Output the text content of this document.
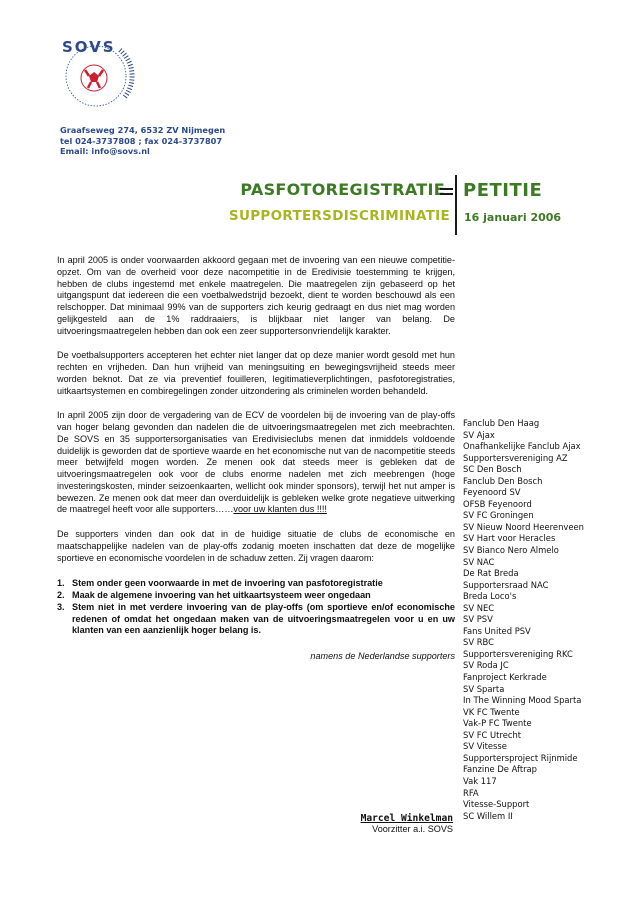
SOVS
Graafseweg 274, 6532 ZV Nijmegen
tel 024-3737808 ; fax 024-3737807
Email: info@sovs.nl
PASFOTOREGISTRATIE
SUPPORTERSDISCRIMINATIE
PETITIE
16 januari 2006

In april 2005 is onder voorwaarden akkoord gegaan met de invoering van een nieuwe competitie-opzet. Om van de overheid voor deze nacompetitie in de Eredivisie toestemming te krijgen, hebben de clubs ingestemd met enkele maatregelen. Die maatregelen zijn gebaseerd op het uitgangspunt dat iedereen die een voetbalwedstrijd bezoekt, dient te worden beschouwd als een relschopper. Dat minimaal 99% van de supporters zich keurig gedraagt en dus niet mag worden gelijkgesteld aan de 1% raddraaiers, is blijkbaar niet langer van belang. De uitvoeringsmaatregelen hebben dan ook een zeer supportersonvriendelijk karakter.

De voetbalsupporters accepteren het echter niet langer dat op deze manier wordt gesold met hun rechten en vrijheden. Dan hun vrijheid van meningsuiting en bewegingsvrijheid steeds meer worden beknot. Dat ze via preventief fouilleren, legitimatieverplichtingen, pasfotoregistraties, uitkaartsystemen en combiregelingen zonder uitzondering als criminelen worden behandeld.

In april 2005 zijn door de vergadering van de ECV de voordelen bij de invoering van de play-offs van hoger belang gevonden dan nadelen die de uitvoeringsmaatregelen met zich meebrachten. De SOVS en 35 supportersorganisaties van Eredivisieclubs menen dat inmiddels voldoende duidelijk is geworden dat de sportieve waarde en het economische nut van de nacompetitie steeds meer betwijfeld mogen worden. Ze menen ook dat steeds meer is gebleken dat de uitvoeringsmaatregelen ook voor de clubs enorme nadelen met zich meebrengen (hoge investeringskosten, minder seizoenkaarten, wellicht ook minder sponsors), terwijl het nut amper is bewezen. Ze menen ook dat meer dan overduidelijk is gebleken welke grote negatieve uitwerking de maatregel heeft voor alle supporters……voor uw klanten dus !!!!

De supporters vinden dan ook dat in de huidige situatie de clubs de economische en maatschappelijke nadelen van de play-offs zodanig moeten inschatten dat deze de mogelijke sportieve en economische voordelen in de schaduw zetten. Zij vragen daarom:

1. Stem onder geen voorwaarde in met de invoering van pasfotoregistratie
2. Maak de algemene invoering van het uitkaartsysteem weer ongedaan
3. Stem niet in met verdere invoering van de play-offs (om sportieve en/of economische redenen of omdat het ongedaan maken van de uitvoeringsmaatregelen voor u en uw klanten van een aanzienlijk hoger belang is.
namens de Nederlandse supporters
Marcel Winkelman
Voorzitter a.i. SOVS
Fanclub Den Haag
SV Ajax
Onafhankelijke Fanclub Ajax
Supportersvereniging AZ
SC Den Bosch
Fanclub Den Bosch
Feyenoord SV
OFSB Feyenoord
SV FC Groningen
SV Nieuw Noord Heerenveen
SV Hart voor Heracles
SV Bianco Nero Almelo
SV NAC
De Rat Breda
Supportersraad NAC
Breda Loco's
SV NEC
SV PSV
Fans United PSV
SV RBC
Supportersvereniging RKC
SV Roda JC
Fanproject Kerkrade
SV Sparta
In The Winning Mood Sparta
VK FC Twente
Vak-P FC Twente
SV FC Utrecht
SV Vitesse
Supportersproject Rijnmide
Fanzine De Aftrap
Vak 117
RFA
Vitesse-Support
SC Willem II
